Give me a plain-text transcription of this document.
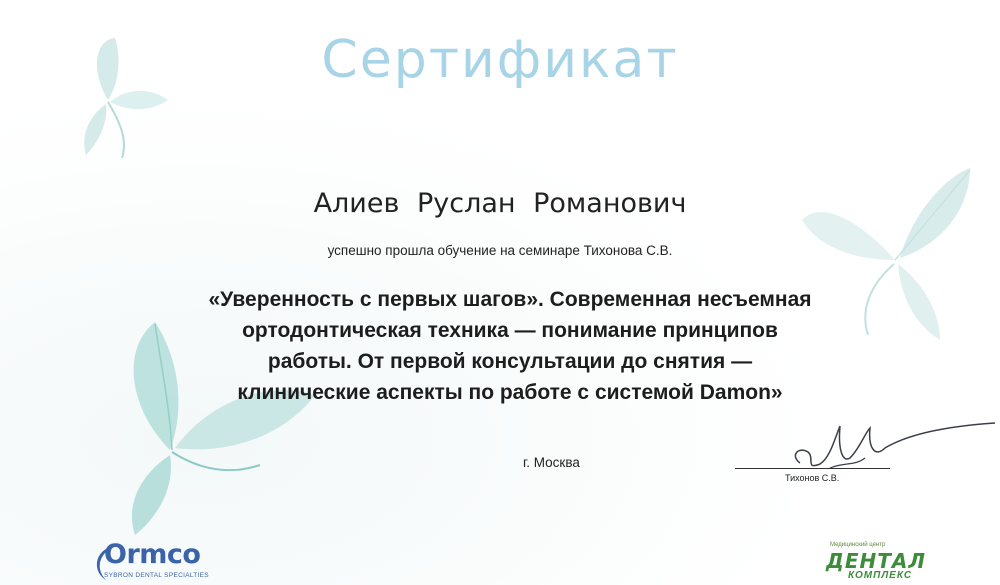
Сертификат
Алиев Руслан Романович
успешно прошла обучение на семинаре Тихонова С.В.
«Уверенность с первых шагов». Современная несъемная
ортодонтическая техника — понимание принципов
работы. От первой консультации до снятия —
клинические аспекты по работе с системой Damon»
г. Москва
Тихонов С.В.
Ormco
SYBRON DENTAL SPECIALTIES
Медицинский центр
ДЕНТАЛ
КОМПЛЕКС
